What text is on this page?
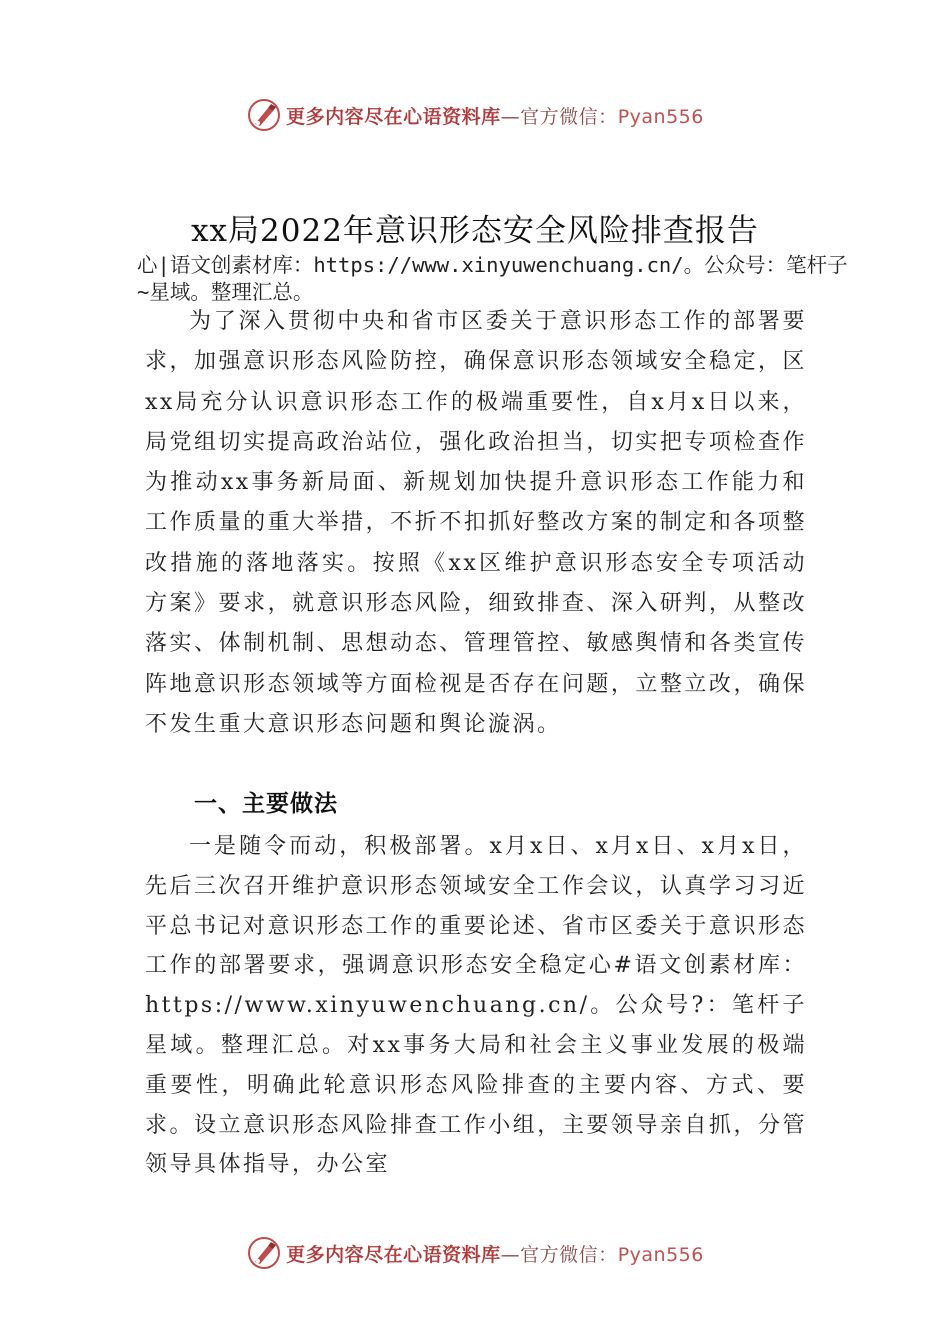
更多内容尽在心语资料库—官方微信：Pyan556
xx局2022年意识形态安全风险排查报告
心|语文创素材库：https://www.xinyuwenchuang.cn/。公众号：笔杆子~星域。整理汇总。

为了深入贯彻中央和省市区委关于意识形态工作的部署要求，加强意识形态风险防控，确保意识形态领域安全稳定，区xx局充分认识意识形态工作的极端重要性，自x月x日以来，局党组切实提高政治站位，强化政治担当，切实把专项检查作为推动xx事务新局面、新规划加快提升意识形态工作能力和工作质量的重大举措，不折不扣抓好整改方案的制定和各项整改措施的落地落实。按照《xx区维护意识形态安全专项活动方案》要求，就意识形态风险，细致排查、深入研判，从整改落实、体制机制、思想动态、管理管控、敏感舆情和各类宣传阵地意识形态领域等方面检视是否存在问题，立整立改，确保不发生重大意识形态问题和舆论漩涡。

一、主要做法

一是随令而动，积极部署。x月x日、x月x日、x月x日，先后三次召开维护意识形态领域安全工作会议，认真学习习近平总书记对意识形态工作的重要论述、省市区委关于意识形态工作的部署要求，强调意识形态安全稳定心#语文创素材库：https://www.xinyuwenchuang.cn/。公众号?：笔杆子星域。整理汇总。对xx事务大局和社会主义事业发展的极端重要性，明确此轮意识形态风险排查的主要内容、方式、要求。设立意识形态风险排查工作小组，主要领导亲自抓，分管领导具体指导，办公室

更多内容尽在心语资料库—官方微信：Pyan556
